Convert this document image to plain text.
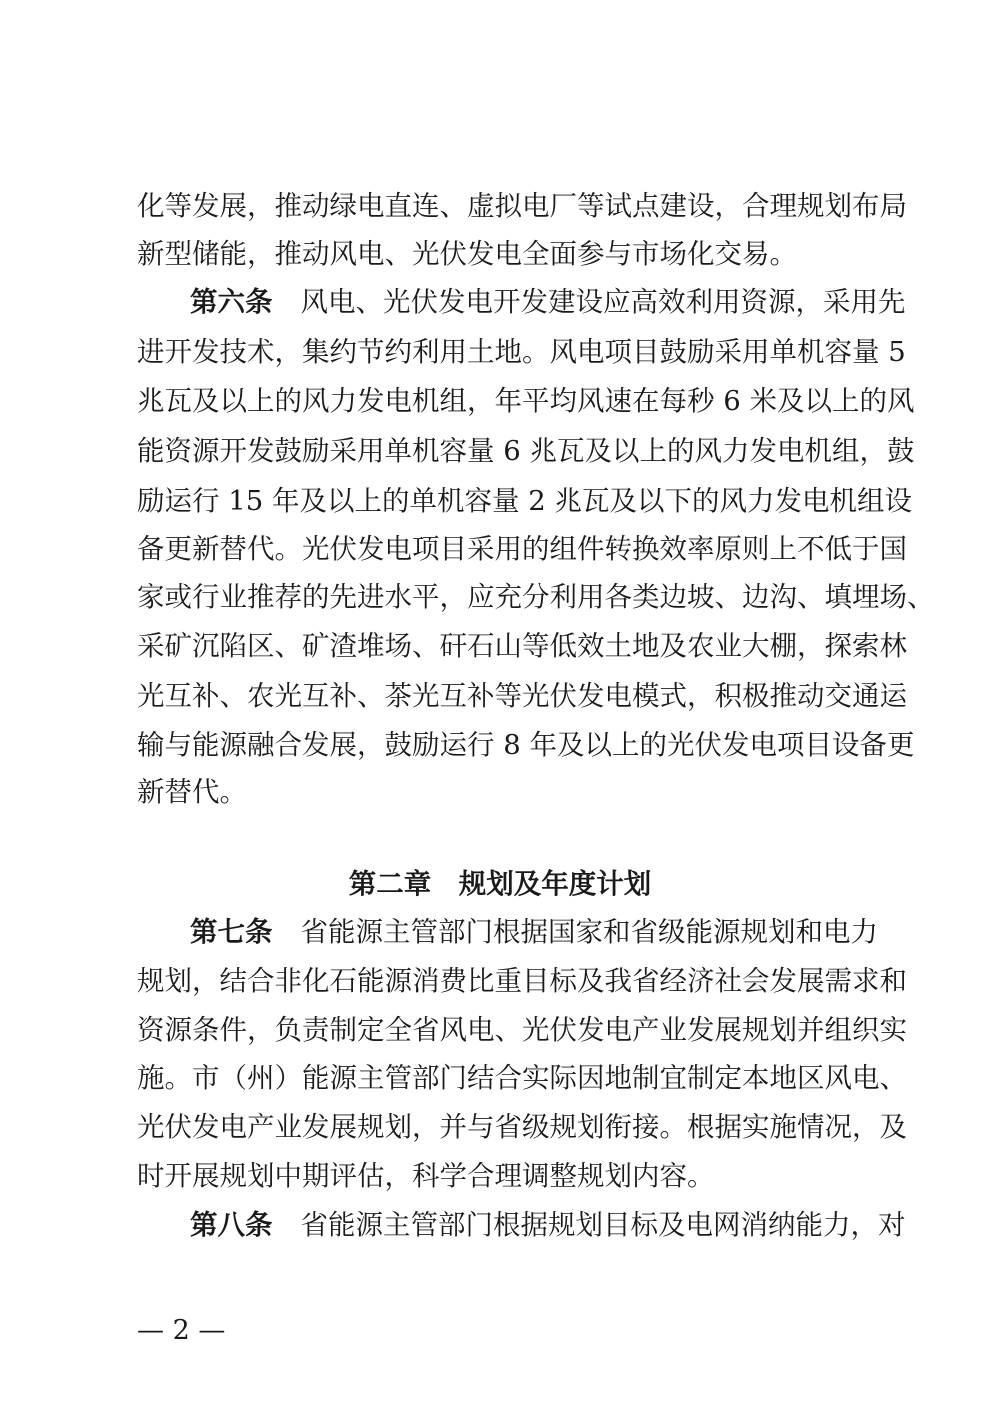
化等发展，推动绿电直连、虚拟电厂等试点建设，合理规划布局
新型储能，推动风电、光伏发电全面参与市场化交易。
第六条 风电、光伏发电开发建设应高效利用资源，采用先
进开发技术，集约节约利用土地。风电项目鼓励采用单机容量 5
兆瓦及以上的风力发电机组，年平均风速在每秒 6 米及以上的风
能资源开发鼓励采用单机容量 6 兆瓦及以上的风力发电机组，鼓
励运行 15 年及以上的单机容量 2 兆瓦及以下的风力发电机组设
备更新替代。光伏发电项目采用的组件转换效率原则上不低于国
家或行业推荐的先进水平，应充分利用各类边坡、边沟、填埋场、
采矿沉陷区、矿渣堆场、矸石山等低效土地及农业大棚，探索林
光互补、农光互补、茶光互补等光伏发电模式，积极推动交通运
输与能源融合发展，鼓励运行 8 年及以上的光伏发电项目设备更
新替代。
第二章　规划及年度计划
第七条 省能源主管部门根据国家和省级能源规划和电力
规划，结合非化石能源消费比重目标及我省经济社会发展需求和
资源条件，负责制定全省风电、光伏发电产业发展规划并组织实
施。市（州）能源主管部门结合实际因地制宜制定本地区风电、
光伏发电产业发展规划，并与省级规划衔接。根据实施情况，及
时开展规划中期评估，科学合理调整规划内容。
第八条 省能源主管部门根据规划目标及电网消纳能力，对
— 2 —
